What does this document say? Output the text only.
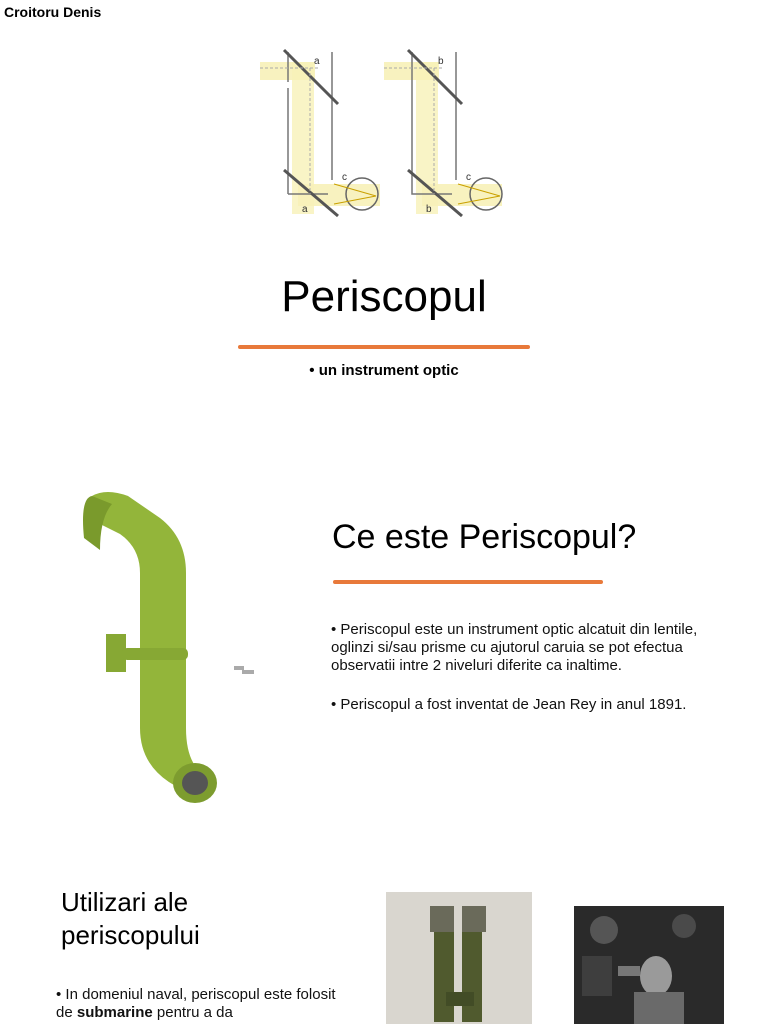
Croitoru Denis
a
a
c
b
b
c
Periscopul
• un instrument optic
Ce este Periscopul?
• Periscopul este un instrument optic alcatuit din lentile, oglinzi si/sau prisme cu ajutorul caruia se pot efectua observatii intre 2 niveluri diferite ca inaltime.
• Periscopul a fost inventat de Jean Rey in anul 1891.
Utilizari ale periscopului
• In domeniul naval, periscopul este folosit de submarine pentru a da
